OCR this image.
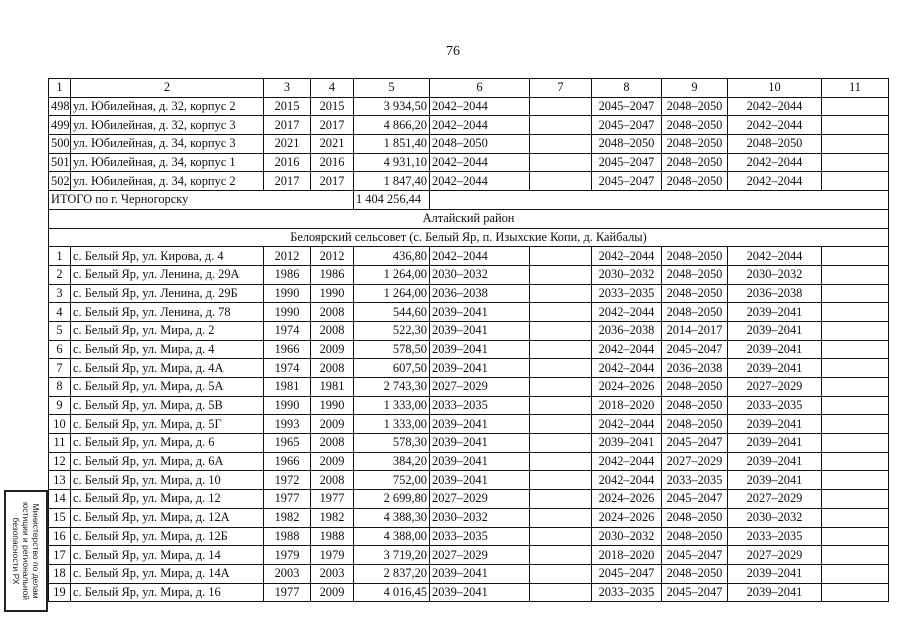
76
1	2	3	4	5	6	7	8	9	10	11
498	ул. Юбилейная, д. 32, корпус 2	2015	2015	3 934,50	2042–2044		2045–2047	2048–2050	2042–2044	
499	ул. Юбилейная, д. 32, корпус 3	2017	2017	4 866,20	2042–2044		2045–2047	2048–2050	2042–2044	
500	ул. Юбилейная, д. 34, корпус 3	2021	2021	1 851,40	2048–2050		2048–2050	2048–2050	2048–2050	
501	ул. Юбилейная, д. 34, корпус 1	2016	2016	4 931,10	2042–2044		2045–2047	2048–2050	2042–2044	
502	ул. Юбилейная, д. 34, корпус 2	2017	2017	1 847,40	2042–2044		2045–2047	2048–2050	2042–2044	
ИТОГО по г. Черногорску				1 404 256,44						
Алтайский район										
Белоярский сельсовет (с. Белый Яр, п. Изыхские Копи, д. Кайбалы)										
1	с. Белый Яр, ул. Кирова, д. 4	2012	2012	436,80	2042–2044		2042–2044	2048–2050	2042–2044	
2	с. Белый Яр, ул. Ленина, д. 29А	1986	1986	1 264,00	2030–2032		2030–2032	2048–2050	2030–2032	
3	с. Белый Яр, ул. Ленина, д. 29Б	1990	1990	1 264,00	2036–2038		2033–2035	2048–2050	2036–2038	
4	с. Белый Яр, ул. Ленина, д. 78	1990	2008	544,60	2039–2041		2042–2044	2048–2050	2039–2041	
5	с. Белый Яр, ул. Мира, д. 2	1974	2008	522,30	2039–2041		2036–2038	2014–2017	2039–2041	
6	с. Белый Яр, ул. Мира, д. 4	1966	2009	578,50	2039–2041		2042–2044	2045–2047	2039–2041	
7	с. Белый Яр, ул. Мира, д. 4А	1974	2008	607,50	2039–2041		2042–2044	2036–2038	2039–2041	
8	с. Белый Яр, ул. Мира, д. 5А	1981	1981	2 743,30	2027–2029		2024–2026	2048–2050	2027–2029	
9	с. Белый Яр, ул. Мира, д. 5В	1990	1990	1 333,00	2033–2035		2018–2020	2048–2050	2033–2035	
10	с. Белый Яр, ул. Мира, д. 5Г	1993	2009	1 333,00	2039–2041		2042–2044	2048–2050	2039–2041	
11	с. Белый Яр, ул. Мира, д. 6	1965	2008	578,30	2039–2041		2039–2041	2045–2047	2039–2041	
12	с. Белый Яр, ул. Мира, д. 6А	1966	2009	384,20	2039–2041		2042–2044	2027–2029	2039–2041	
13	с. Белый Яр, ул. Мира, д. 10	1972	2008	752,00	2039–2041		2042–2044	2033–2035	2039–2041	
14	с. Белый Яр, ул. Мира, д. 12	1977	1977	2 699,80	2027–2029		2024–2026	2045–2047	2027–2029	
15	с. Белый Яр, ул. Мира, д. 12А	1982	1982	4 388,30	2030–2032		2024–2026	2048–2050	2030–2032	
16	с. Белый Яр, ул. Мира, д. 12Б	1988	1988	4 388,00	2033–2035		2030–2032	2048–2050	2033–2035	
17	с. Белый Яр, ул. Мира, д. 14	1979	1979	3 719,20	2027–2029		2018–2020	2045–2047	2027–2029	
18	с. Белый Яр, ул. Мира, д. 14А	2003	2003	2 837,20	2039–2041		2045–2047	2048–2050	2039–2041	
19	с. Белый Яр, ул. Мира, д. 16	1977	2009	4 016,45	2039–2041		2033–2035	2045–2047	2039–2041	
Министерство по делам
юстиции и региональной
безопасности РХ
